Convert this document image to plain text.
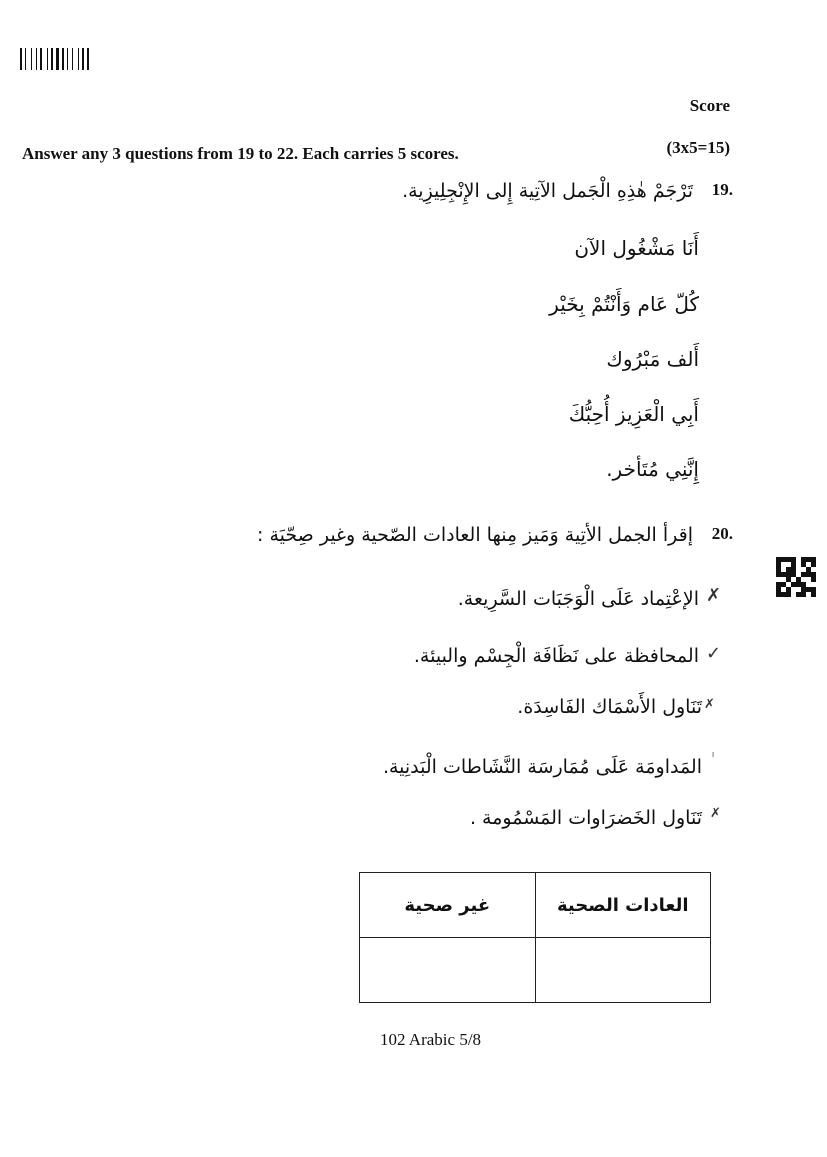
Score
Answer any 3 questions from 19 to 22. Each carries 5 scores.	(3x5=15)
19.
تَرْجَمْ هٰذِهِ الْجَمل الآتِية إِلى الإِنْجِلِيزِية.
أَنَا مَشْغُول الآن
كُلّ عَام وَأَنْتُمْ بِخَيْر
أَلف مَبْرُوك
أَبِي الْعَزِيز أُحِبُّكَ
إِنَّنِي مُتَأخر.
20.
إقرأ الجمل الأتِية وَمَيز مِنها العادات الصّحية وغير صِحّيَة :
✗
الإعْتِماد عَلَى الْوَجَبَات السَّرِيعة.
✓
المحافظة على نَظَافَة الْجِسْم والبيئة.
✗
تَنَاول الأَسْمَاك الفَاسِدَة.
ˡ
المَداومَة عَلَى مُمَارسَة النَّشَاطات الْبَدنِية.
✗
تَنَاول الخَضرَاوات المَسْمُومة .
غير صحية	العادات الصحية

102 Arabic 5/8
